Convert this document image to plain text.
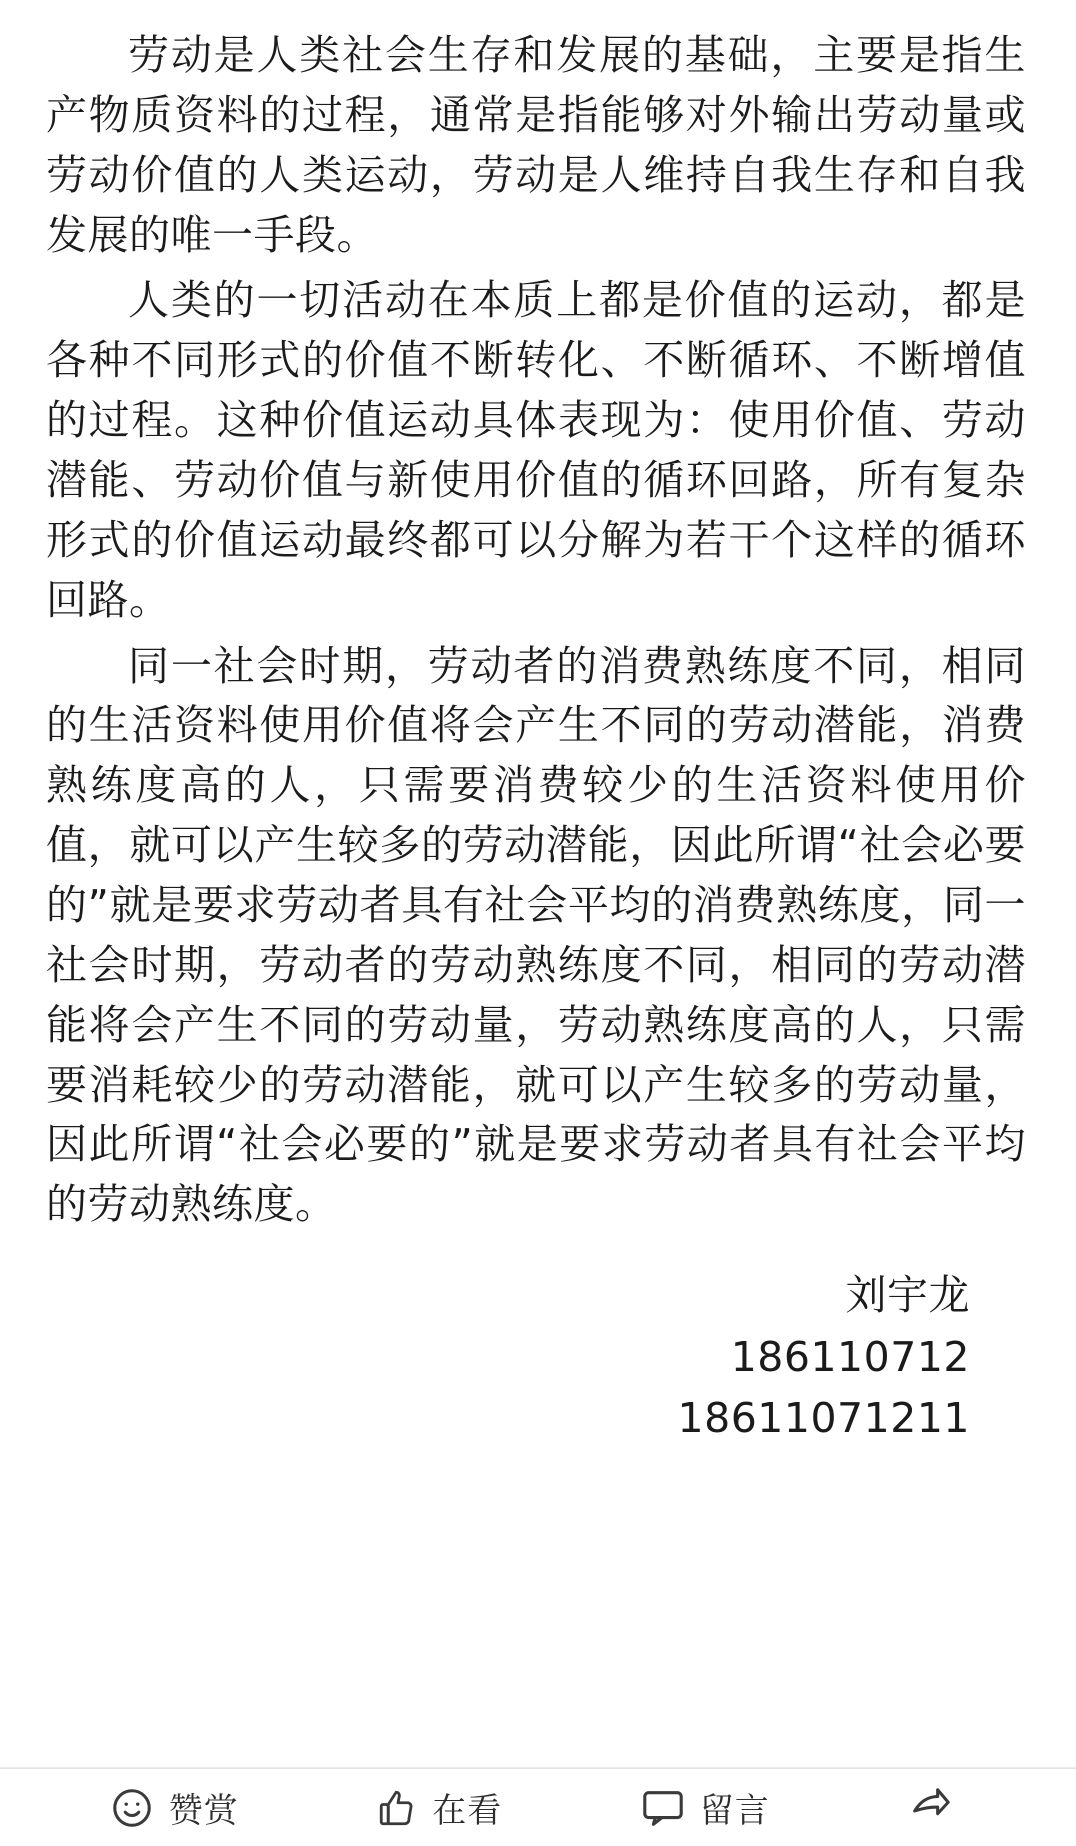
劳动是人类社会生存和发展的基础，主要是指生产物质资料的过程，通常是指能够对外输出劳动量或劳动价值的人类运动，劳动是人维持自我生存和自我发展的唯一手段。

人类的一切活动在本质上都是价值的运动，都是各种不同形式的价值不断转化、不断循环、不断增值的过程。这种价值运动具体表现为：使用价值、劳动潜能、劳动价值与新使用价值的循环回路，所有复杂形式的价值运动最终都可以分解为若干个这样的循环回路。

同一社会时期，劳动者的消费熟练度不同，相同的生活资料使用价值将会产生不同的劳动潜能，消费熟练度高的人，只需要消费较少的生活资料使用价值，就可以产生较多的劳动潜能，因此所谓“社会必要的”就是要求劳动者具有社会平均的消费熟练度，同一社会时期，劳动者的劳动熟练度不同，相同的劳动潜能将会产生不同的劳动量，劳动熟练度高的人，只需要消耗较少的劳动潜能，就可以产生较多的劳动量，因此所谓“社会必要的”就是要求劳动者具有社会平均的劳动熟练度。

刘宇龙
186110712
18611071211
赞赏	在看	留言
